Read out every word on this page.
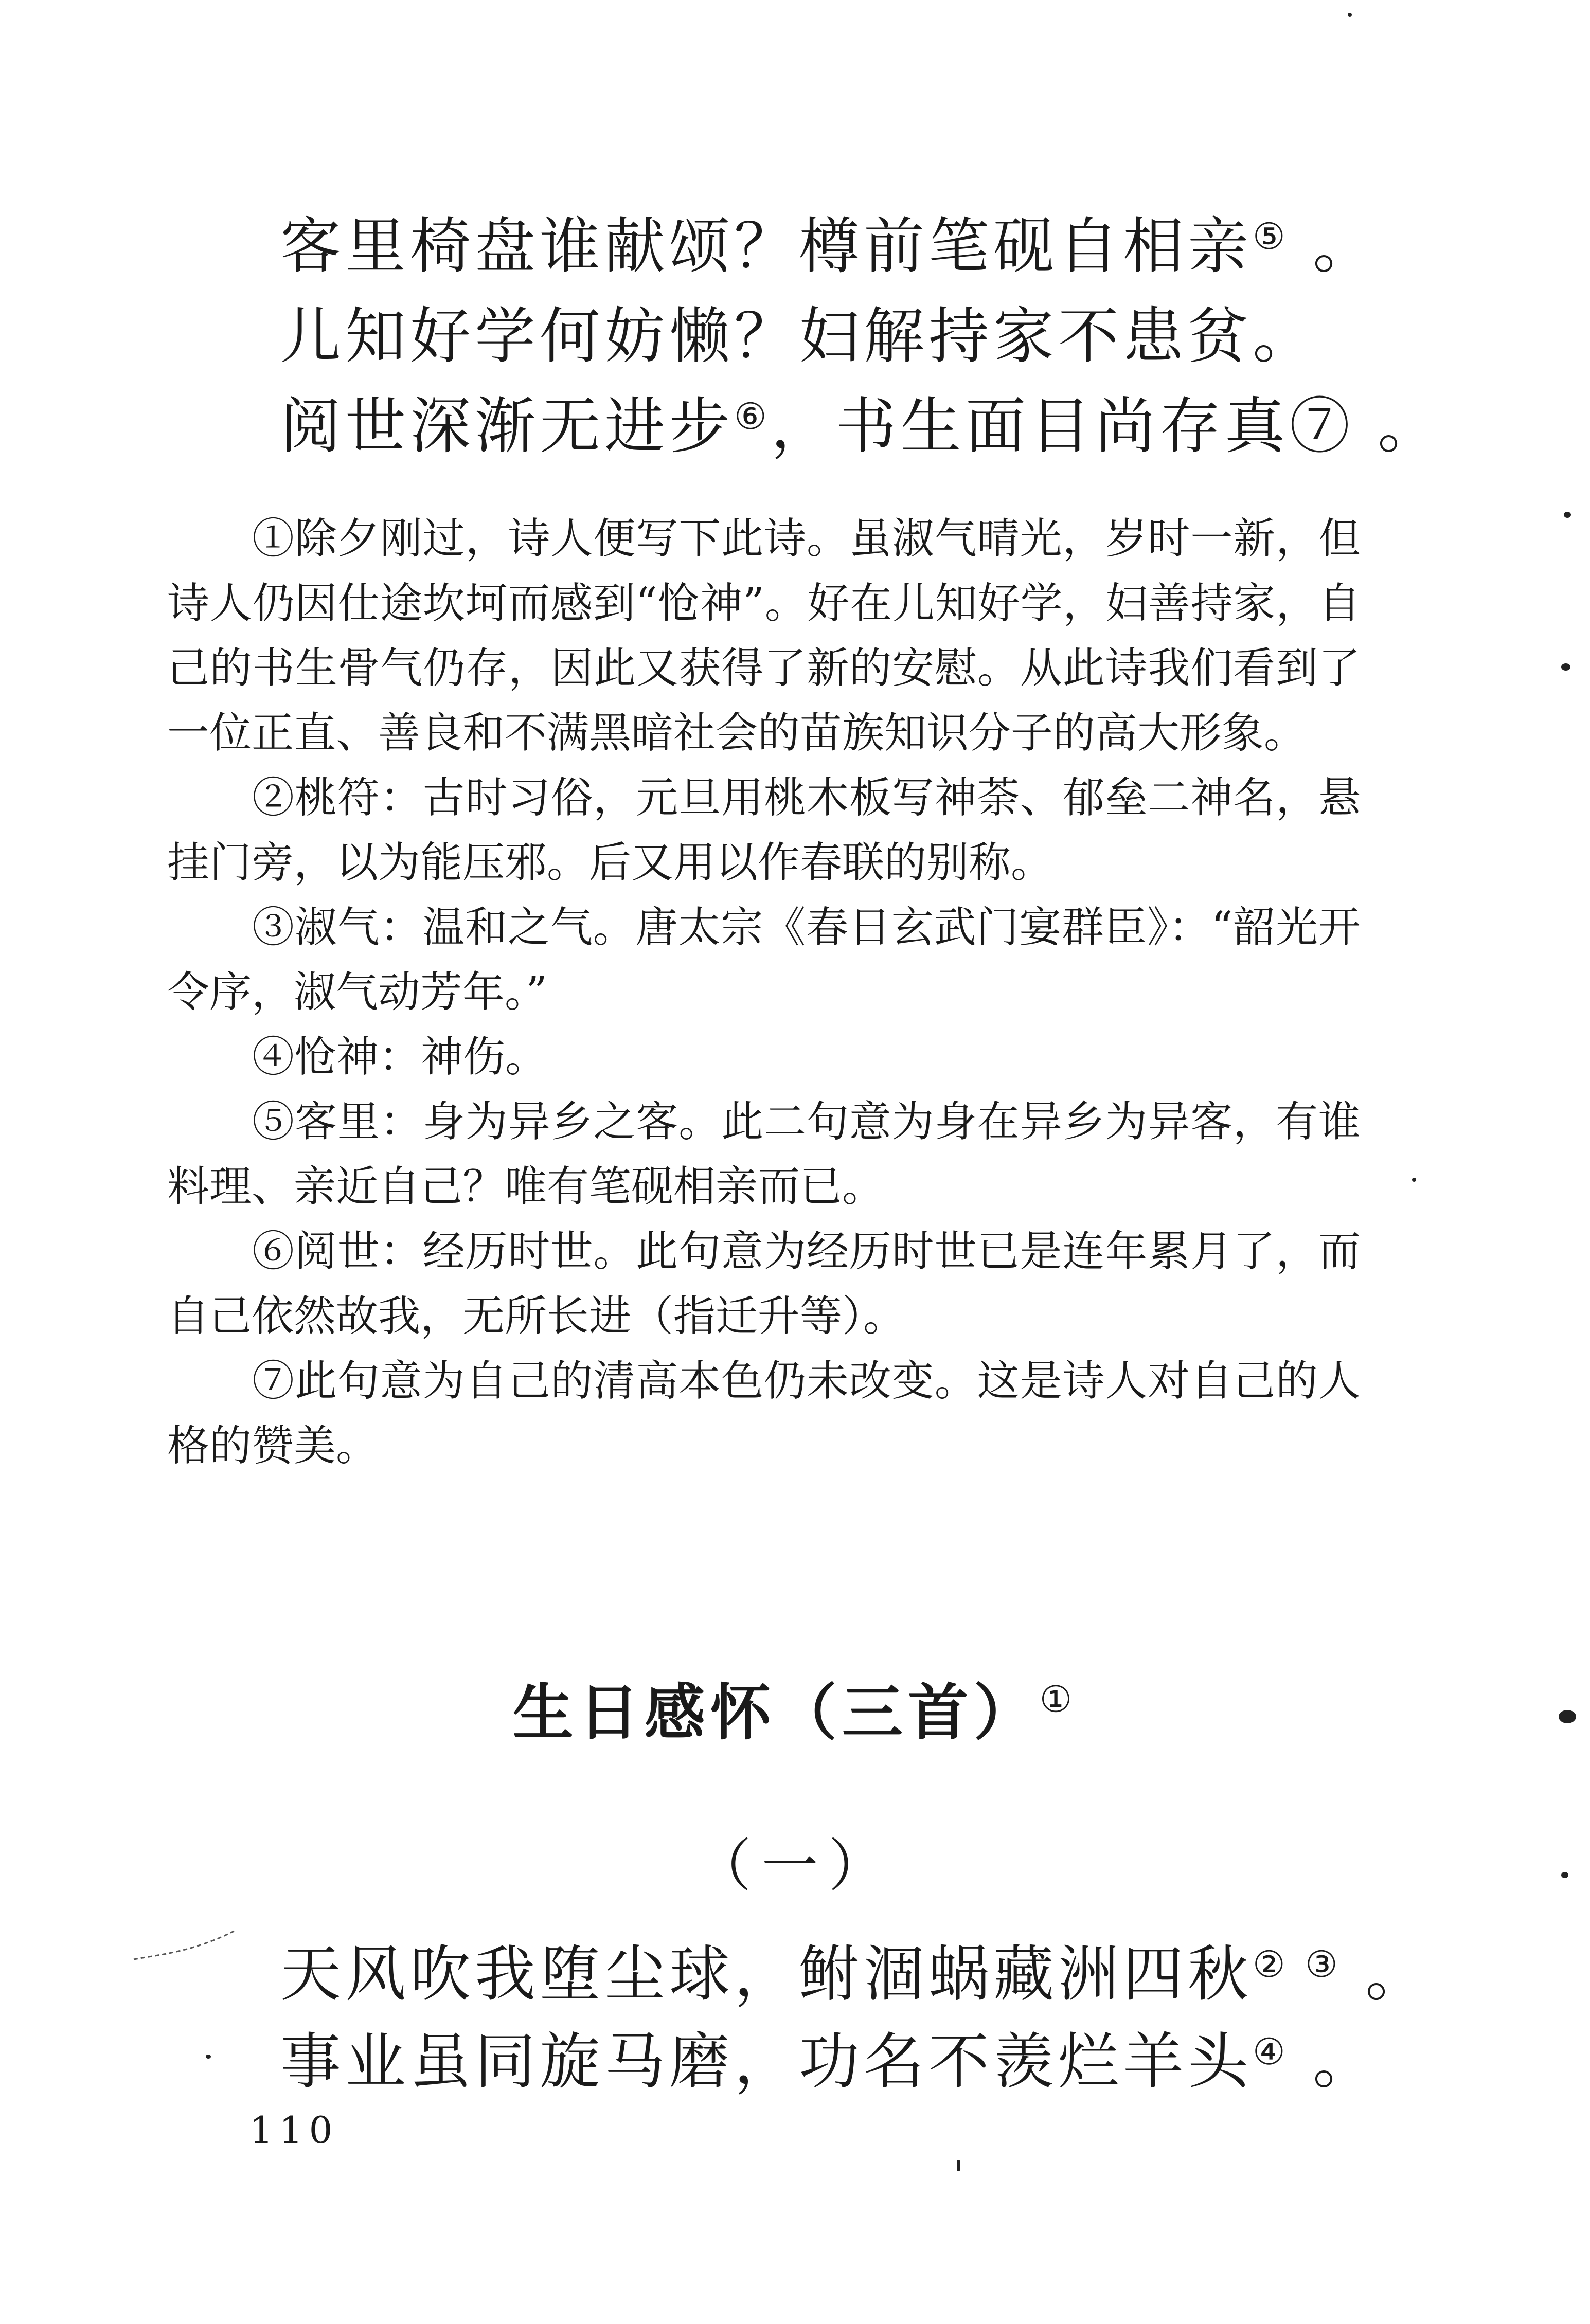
客里椅盘谁献颂？樽前笔砚自相亲⑤ 。
儿知好学何妨懒？妇解持家不患贫。
阅世深渐无进步⑥，书生面目尚存真⑦ 。

①除夕刚过，诗人便写下此诗。虽淑气晴光，岁时一新，但诗人仍因仕途坎坷而感到“怆神”。好在儿知好学，妇善持家，自己的书生骨气仍存，因此又获得了新的安慰。从此诗我们看到了一位正直、善良和不满黑暗社会的苗族知识分子的高大形象。

②桃符：古时习俗，元旦用桃木板写神荼、郁垒二神名，悬挂门旁，以为能压邪。后又用以作春联的别称。

③淑气：温和之气。唐太宗《春日玄武门宴群臣》：“韶光开令序，淑气动芳年。”

④怆神：神伤。

⑤客里：身为异乡之客。此二句意为身在异乡为异客，有谁料理、亲近自己？唯有笔砚相亲而已。

⑥阅世：经历时世。此句意为经历时世已是连年累月了，而自己依然故我，无所长进（指迁升等）。

⑦此句意为自己的清高本色仍未改变。这是诗人对自己的人格的赞美。

生日感怀（三首）①
（一）
天风吹我堕尘球，鲋涸蜗藏洲四秋② ③ 。
事业虽同旋马磨，功名不羡烂羊头④ 。
110
